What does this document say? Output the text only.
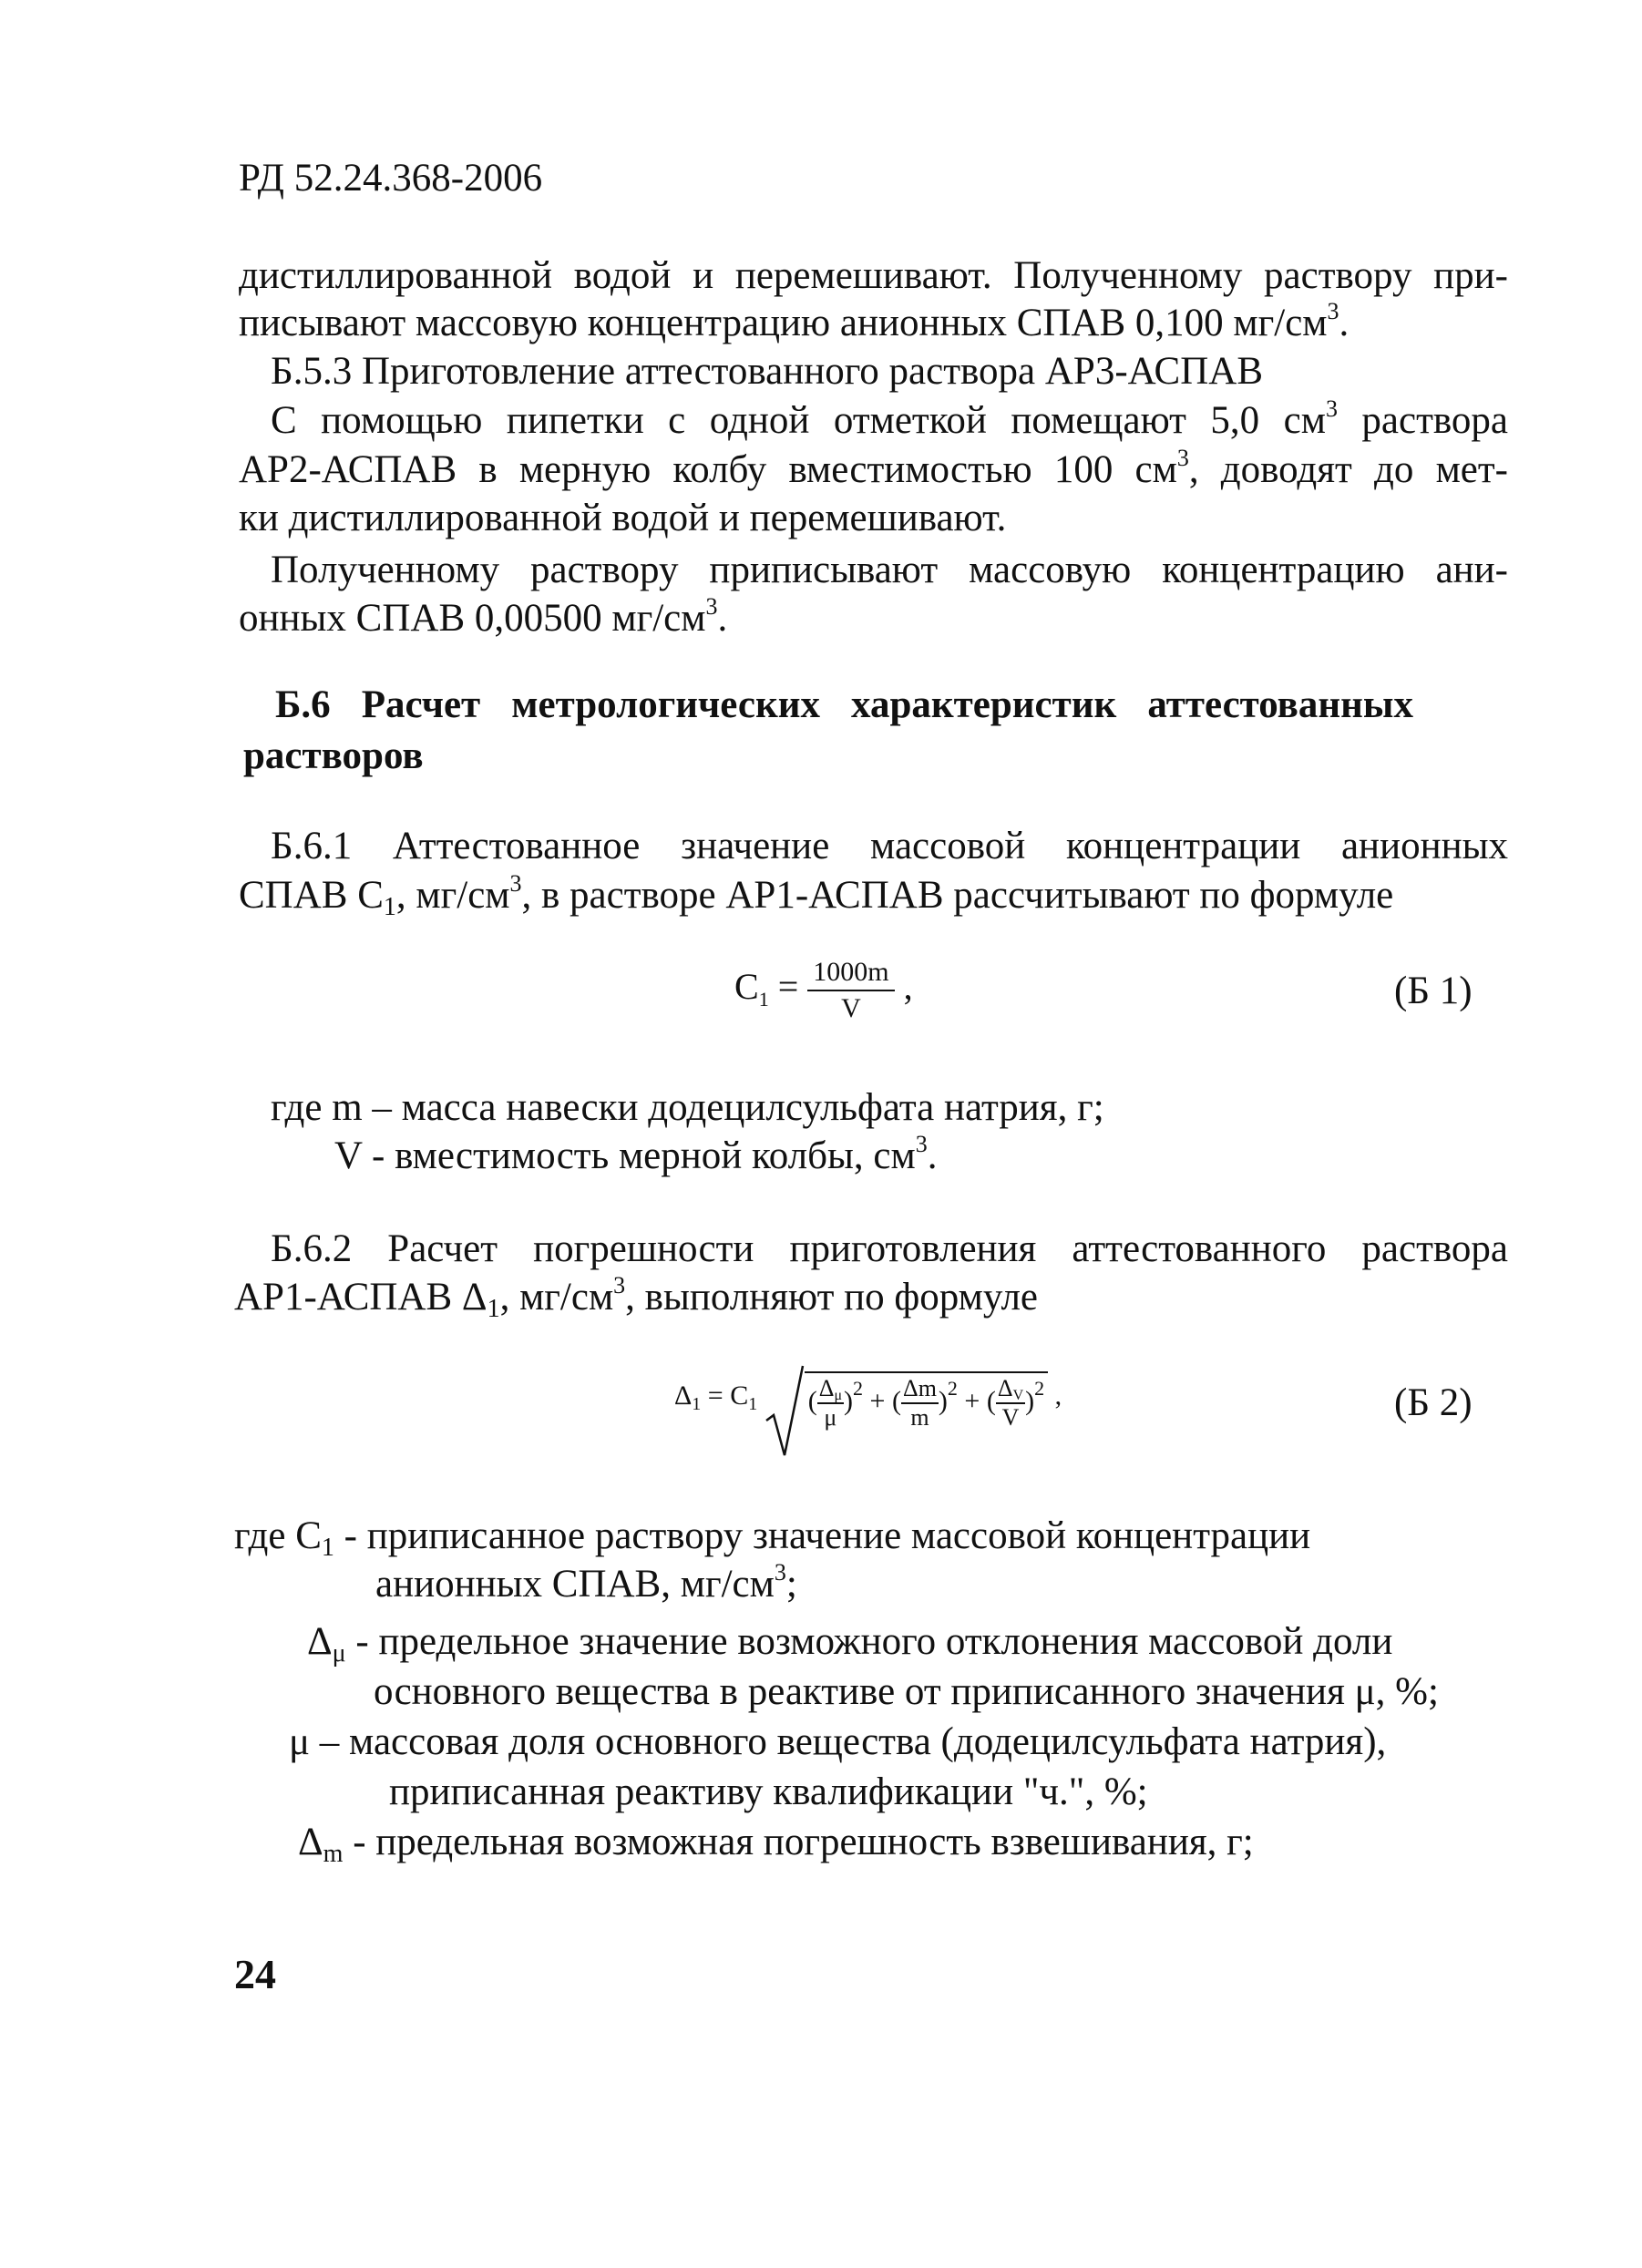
РД 52.24.368-2006
дистиллированной водой и перемешивают. Полученному раствору при-
писывают массовую концентрацию анионных СПАВ 0,100 $мг/см^3$.
Б.5.3 Приготовление аттестованного раствора АР3-АСПАВ
С помощью пипетки с одной отметкой помещают 5,0 $см^3$ раствора
АР2-АСПАВ в мерную колбу вместимостью 100 $см^3$, доводят до мет-
ки дистиллированной водой и перемешивают.
Полученному раствору приписывают массовую концентрацию ани-
онных СПАВ 0,00500 $мг/см^3$.
Б.6 Расчет метрологических характеристик аттестованных
растворов
Б.6.1 Аттестованное значение массовой концентрации анионных
СПАВ $С_1$, $мг/см^3$, в растворе АР1-АСПАВ рассчитывают по формуле
$С_1 = \frac{1000m}{V}$ ,	(Б 1)
где m – масса навески додецилсульфата натрия, г;
V - вместимость мерной колбы, $см^3$.
Б.6.2 Расчет погрешности приготовления аттестованного раствора
АР1-АСПАВ $\Delta_1$, $мг/см^3$, выполняют по формуле
$\Delta_1 = C_1$ ( $\frac{\Delta_\mu}{\mu} )^2$ + ( $\frac{\Delta m}{m} )^2$ + ( $\frac{\Delta_V}{V} )^2$ ,	(Б 2)
где $С_1$ - приписанное раствору значение массовой концентрации
анионных СПАВ, $мг/см^3$;
$\Delta_\mu$ - предельное значение возможного отклонения массовой доли
основного вещества в реактиве от приписанного значения μ, %;
μ – массовая доля основного вещества (додецилсульфата натрия),
приписанная реактиву квалификации "ч.", %;
$\Delta_m$ - предельная возможная погрешность взвешивания, г;
24
